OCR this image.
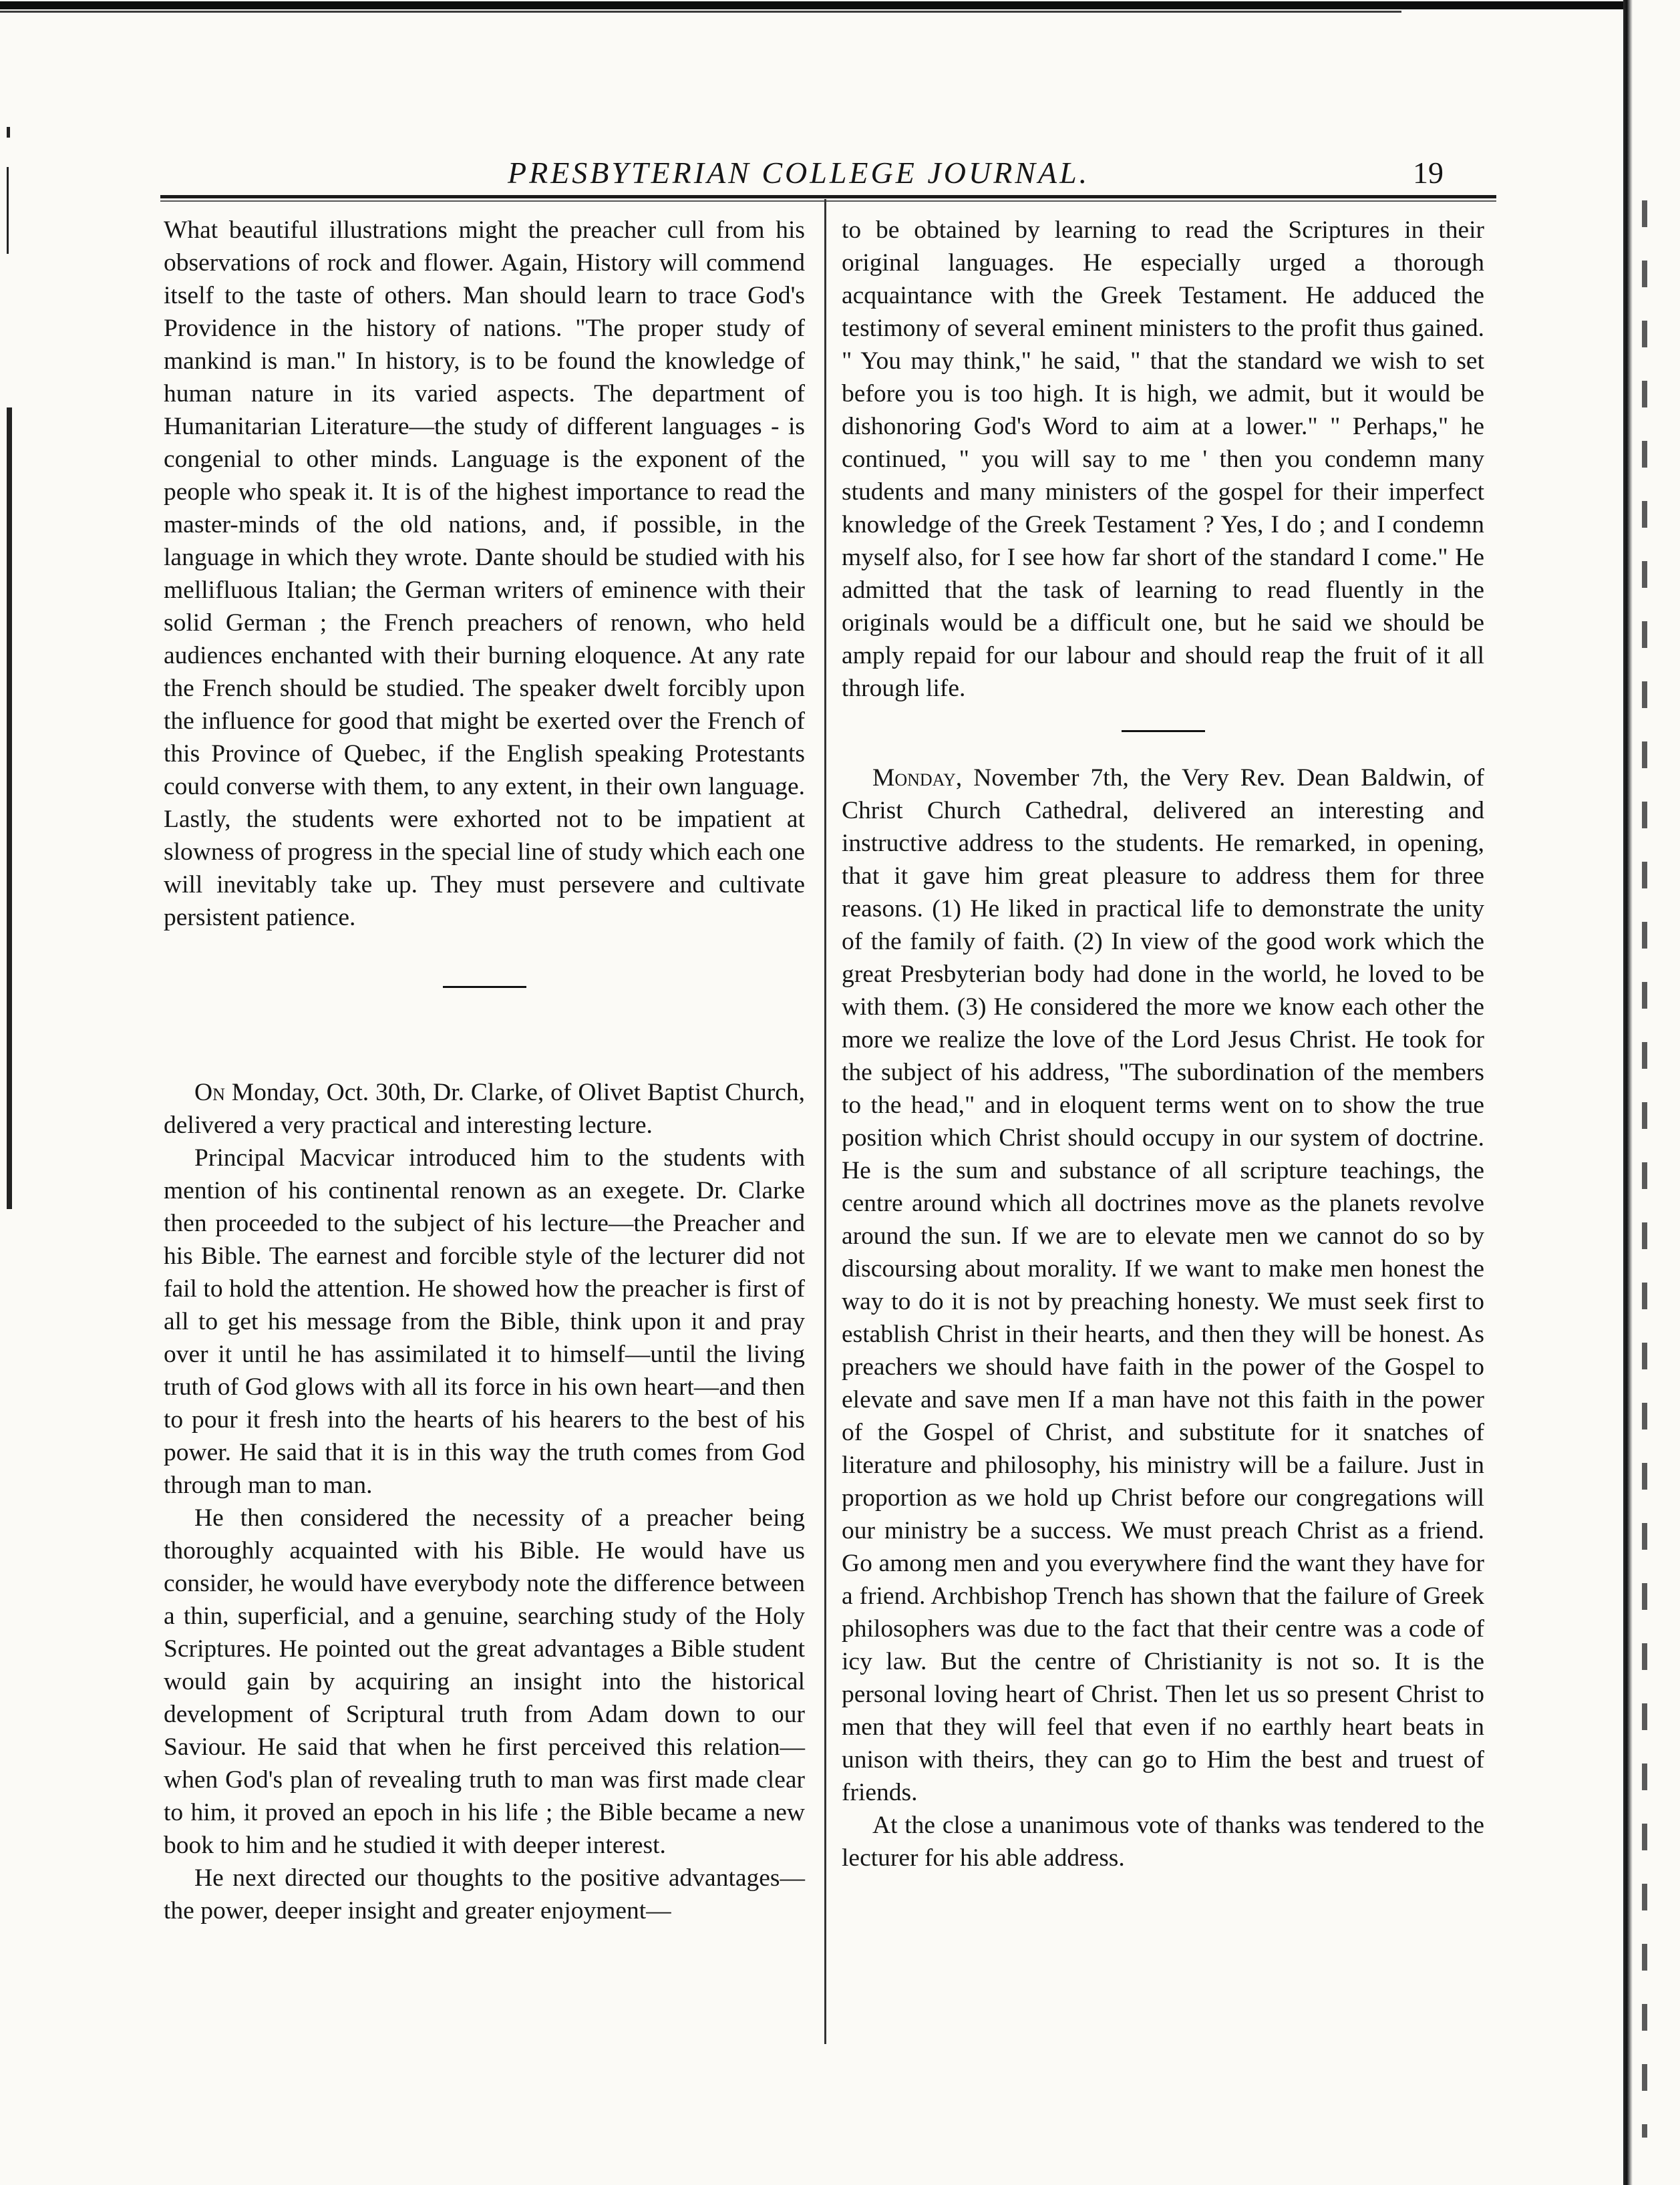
PRESBYTERIAN COLLEGE JOURNAL.	19

What beautiful illustrations might the preacher cull from his observations of rock and flower. Again, History will commend itself to the taste of others. Man should learn to trace God's Providence in the history of nations. "The proper study of mankind is man." In history, is to be found the knowledge of human nature in its varied aspects. The department of Humanitarian Literature—the study of different languages - is congenial to other minds. Language is the exponent of the people who speak it. It is of the highest importance to read the master-minds of the old nations, and, if possible, in the language in which they wrote. Dante should be studied with his mellifluous Italian; the German writers of eminence with their solid German ; the French preachers of renown, who held audiences enchanted with their burning eloquence. At any rate the French should be studied. The speaker dwelt forcibly upon the influence for good that might be exerted over the French of this Province of Quebec, if the English speaking Protestants could converse with them, to any extent, in their own language. Lastly, the students were exhorted not to be impatient at slowness of progress in the special line of study which each one will inevitably take up. They must persevere and cultivate persistent patience.

On Monday, Oct. 30th, Dr. Clarke, of Olivet Baptist Church, delivered a very practical and interesting lecture.

Principal Macvicar introduced him to the students with mention of his continental renown as an exegete. Dr. Clarke then proceeded to the subject of his lecture—the Preacher and his Bible. The earnest and forcible style of the lecturer did not fail to hold the attention. He showed how the preacher is first of all to get his message from the Bible, think upon it and pray over it until he has assimilated it to himself—until the living truth of God glows with all its force in his own heart—and then to pour it fresh into the hearts of his hearers to the best of his power. He said that it is in this way the truth comes from God through man to man.

He then considered the necessity of a preacher being thoroughly acquainted with his Bible. He would have us consider, he would have everybody note the difference between a thin, superficial, and a genuine, searching study of the Holy Scriptures. He pointed out the great advantages a Bible student would gain by acquiring an insight into the historical development of Scriptural truth from Adam down to our Saviour. He said that when he first perceived this relation—when God's plan of revealing truth to man was first made clear to him, it proved an epoch in his life ; the Bible became a new book to him and he studied it with deeper interest.

He next directed our thoughts to the positive advantages—the power, deeper insight and greater enjoyment—

to be obtained by learning to read the Scriptures in their original languages. He especially urged a thorough acquaintance with the Greek Testament. He adduced the testimony of several eminent ministers to the profit thus gained. " You may think," he said, " that the standard we wish to set before you is too high. It is high, we admit, but it would be dishonoring God's Word to aim at a lower." " Perhaps," he continued, " you will say to me ' then you condemn many students and many ministers of the gospel for their imperfect knowledge of the Greek Testament ? Yes, I do ; and I condemn myself also, for I see how far short of the standard I come." He admitted that the task of learning to read fluently in the originals would be a difficult one, but he said we should be amply repaid for our labour and should reap the fruit of it all through life.

Monday, November 7th, the Very Rev. Dean Baldwin, of Christ Church Cathedral, delivered an interesting and instructive address to the students. He remarked, in opening, that it gave him great pleasure to address them for three reasons. (1) He liked in practical life to demonstrate the unity of the family of faith. (2) In view of the good work which the great Presbyterian body had done in the world, he loved to be with them. (3) He considered the more we know each other the more we realize the love of the Lord Jesus Christ. He took for the subject of his address, "The subordination of the members to the head," and in eloquent terms went on to show the true position which Christ should occupy in our system of doctrine. He is the sum and substance of all scripture teachings, the centre around which all doctrines move as the planets revolve around the sun. If we are to elevate men we cannot do so by discoursing about morality. If we want to make men honest the way to do it is not by preaching honesty. We must seek first to establish Christ in their hearts, and then they will be honest. As preachers we should have faith in the power of the Gospel to elevate and save men If a man have not this faith in the power of the Gospel of Christ, and substitute for it snatches of literature and philosophy, his ministry will be a failure. Just in proportion as we hold up Christ before our congregations will our ministry be a success. We must preach Christ as a friend. Go among men and you everywhere find the want they have for a friend. Archbishop Trench has shown that the failure of Greek philosophers was due to the fact that their centre was a code of icy law. But the centre of Christianity is not so. It is the personal loving heart of Christ. Then let us so present Christ to men that they will feel that even if no earthly heart beats in unison with theirs, they can go to Him the best and truest of friends.

At the close a unanimous vote of thanks was tendered to the lecturer for his able address.
